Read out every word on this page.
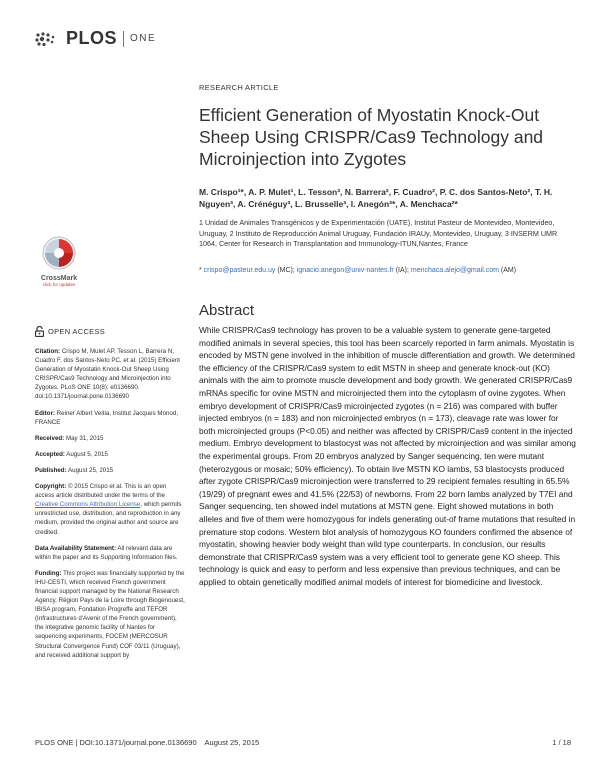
PLOS ONE
RESEARCH ARTICLE
Efficient Generation of Myostatin Knock-Out Sheep Using CRISPR/Cas9 Technology and Microinjection into Zygotes
M. Crispo¹*, A. P. Mulet¹, L. Tesson³, N. Barrera², F. Cuadro², P. C. dos Santos-Neto², T. H. Nguyen³, A. Crénéguy³, L. Brusselle³, I. Anegón³*, A. Menchaca²*
1 Unidad de Animales Transgénicos y de Experimentación (UATE), Institut Pasteur de Montevideo, Montevideo, Uruguay, 2 Instituto de Reproducción Animal Uruguay, Fundación IRAUy, Montevideo, Uruguay, 3 INSERM UMR 1064, Center for Research in Transplantation and Immunology-ITUN,Nantes, France
* crispo@pasteur.edu.uy (MC); ignacio.anegon@univ-nantes.fr (IA); menchaca.alejo@gmail.com (AM)
CrossMark
click for updates
Abstract
While CRISPR/Cas9 technology has proven to be a valuable system to generate gene-targeted modified animals in several species, this tool has been scarcely reported in farm animals. Myostatin is encoded by MSTN gene involved in the inhibition of muscle differentiation and growth. We determined the efficiency of the CRISPR/Cas9 system to edit MSTN in sheep and generate knock-out (KO) animals with the aim to promote muscle development and body growth. We generated CRISPR/Cas9 mRNAs specific for ovine MSTN and microinjected them into the cytoplasm of ovine zygotes. When embryo development of CRISPR/Cas9 microinjected zygotes (n = 216) was compared with buffer injected embryos (n = 183) and non microinjected embryos (n = 173), cleavage rate was lower for both microinjected groups (P<0.05) and neither was affected by CRISPR/Cas9 content in the injected medium. Embryo development to blastocyst was not affected by microinjection and was similar among the experimental groups. From 20 embryos analyzed by Sanger sequencing, ten were mutant (heterozygous or mosaic; 50% efficiency). To obtain live MSTN KO lambs, 53 blastocysts produced after zygote CRISPR/Cas9 microinjection were transferred to 29 recipient females resulting in 65.5% (19/29) of pregnant ewes and 41.5% (22/53) of newborns. From 22 born lambs analyzed by T7EI and Sanger sequencing, ten showed indel mutations at MSTN gene. Eight showed mutations in both alleles and five of them were homozygous for indels generating out-of frame mutations that resulted in premature stop codons. Western blot analysis of homozygous KO founders confirmed the absence of myostatin, showing heavier body weight than wild type counterparts. In conclusion, our results demonstrate that CRISPR/Cas9 system was a very efficient tool to generate gene KO sheep. This technology is quick and easy to perform and less expensive than previous techniques, and can be applied to obtain genetically modified animal models of interest for biomedicine and livestock.
OPEN ACCESS

Citation: Crispo M, Mulet AP, Tesson L, Barrera N, Cuadro F, dos Santos-Neto PC, et al. (2015) Efficient Generation of Myostatin Knock-Out Sheep Using CRISPR/Cas9 Technology and Microinjection into Zygotes. PLoS ONE 10(8): e0136690. doi:10.1371/journal.pone.0136690

Editor: Reiner Albert Veitia, Institut Jacques Monod, FRANCE

Received: May 31, 2015

Accepted: August 5, 2015

Published: August 25, 2015

Copyright: © 2015 Crispo et al. This is an open access article distributed under the terms of the Creative Commons Attribution License, which permits unrestricted use, distribution, and reproduction in any medium, provided the original author and source are credited.

Data Availability Statement: All relevant data are within the paper and its Supporting Information files.

Funding: This project was financially supported by the IHU-CESTI, which received French government financial support managed by the National Research Agency, Région Pays de la Loire through Biogenouest, IBiSA program, Fondation Progreffe and TEFOR (Infrastructures d'Avenir of the French government), the integrative genomic facility of Nantes for sequencing experiments, FOCEM (MERCOSUR Structural Convergence Fund) COF 03/11 (Uruguay), and received additional support by

PLOS ONE | DOI:10.1371/journal.pone.0136690    August 25, 2015	1 / 18
